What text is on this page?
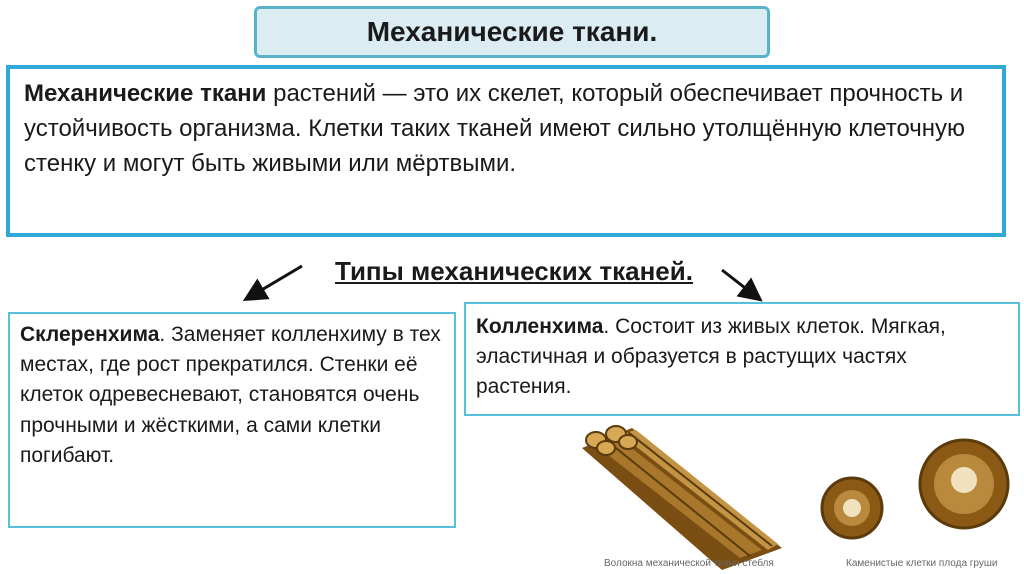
Механические ткани.
Механические ткани растений — это их скелет, который обеспечивает прочность и устойчивость организма. Клетки таких тканей имеют сильно утолщённую клеточную стенку и могут быть живыми или мёртвыми.
Типы механических тканей.
Склеренхима. Заменяет колленхиму в тех местах, где рост прекратился. Стенки её клеток одревесневают, становятся очень прочными и жёсткими, а сами клетки погибают.
Колленхима. Состоит из живых клеток. Мягкая, эластичная и образуется в растущих частях растения.
Волокна механической ткани стебля	Каменистые клетки плода груши
